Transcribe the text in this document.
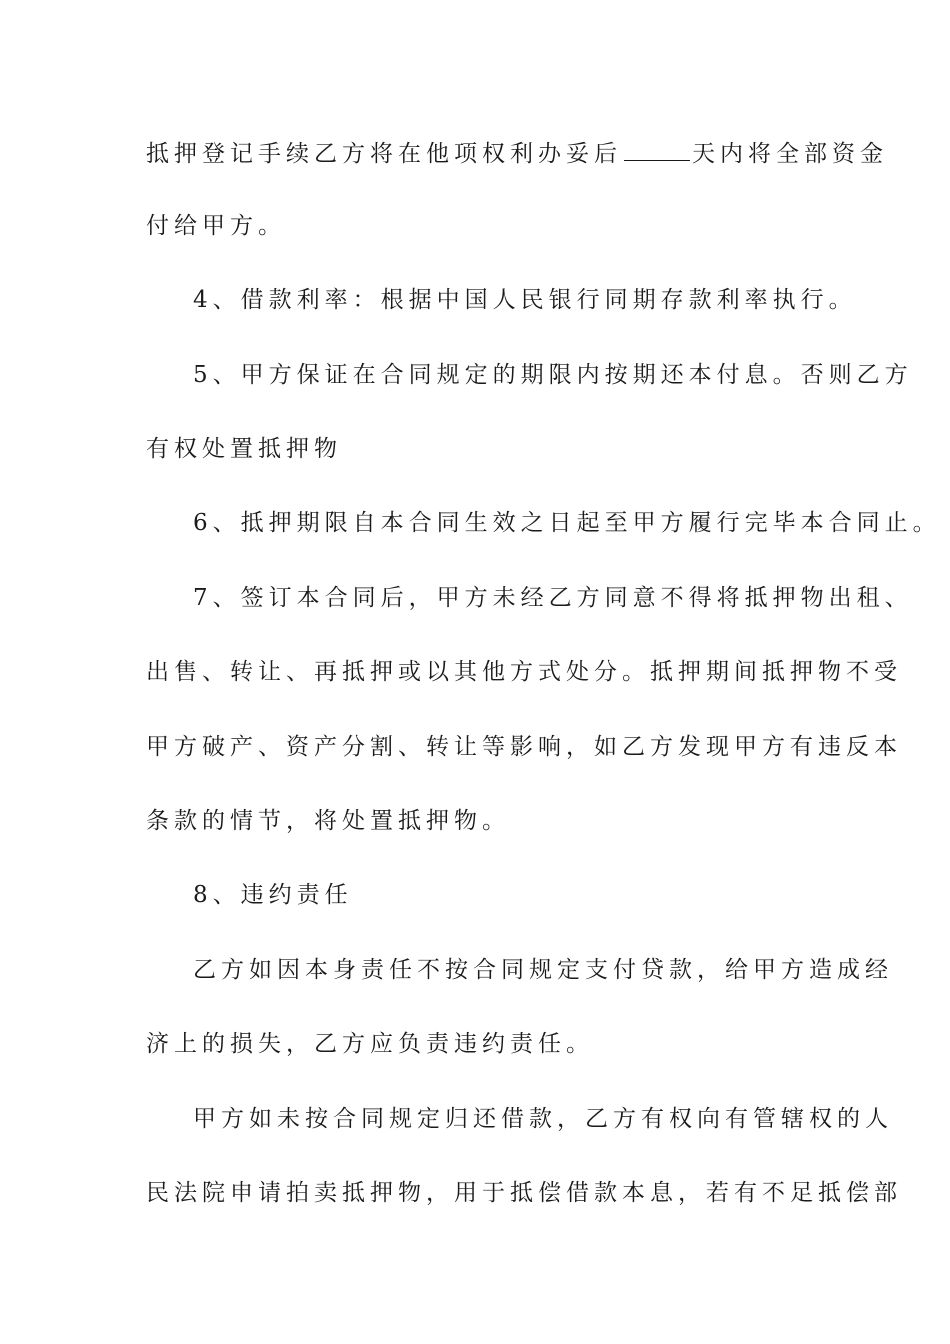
抵押登记手续乙方将在他项权利办妥后	天内将全部资金
付给甲方。
4、借款利率：根据中国人民银行同期存款利率执行。
5、甲方保证在合同规定的期限内按期还本付息。否则乙方
有权处置抵押物
6、抵押期限自本合同生效之日起至甲方履行完毕本合同止。
7、签订本合同后，甲方未经乙方同意不得将抵押物出租、
出售、转让、再抵押或以其他方式处分。抵押期间抵押物不受
甲方破产、资产分割、转让等影响，如乙方发现甲方有违反本
条款的情节，将处置抵押物。
8、违约责任
乙方如因本身责任不按合同规定支付贷款，给甲方造成经
济上的损失，乙方应负责违约责任。
甲方如未按合同规定归还借款，乙方有权向有管辖权的人
民法院申请拍卖抵押物，用于抵偿借款本息，若有不足抵偿部
